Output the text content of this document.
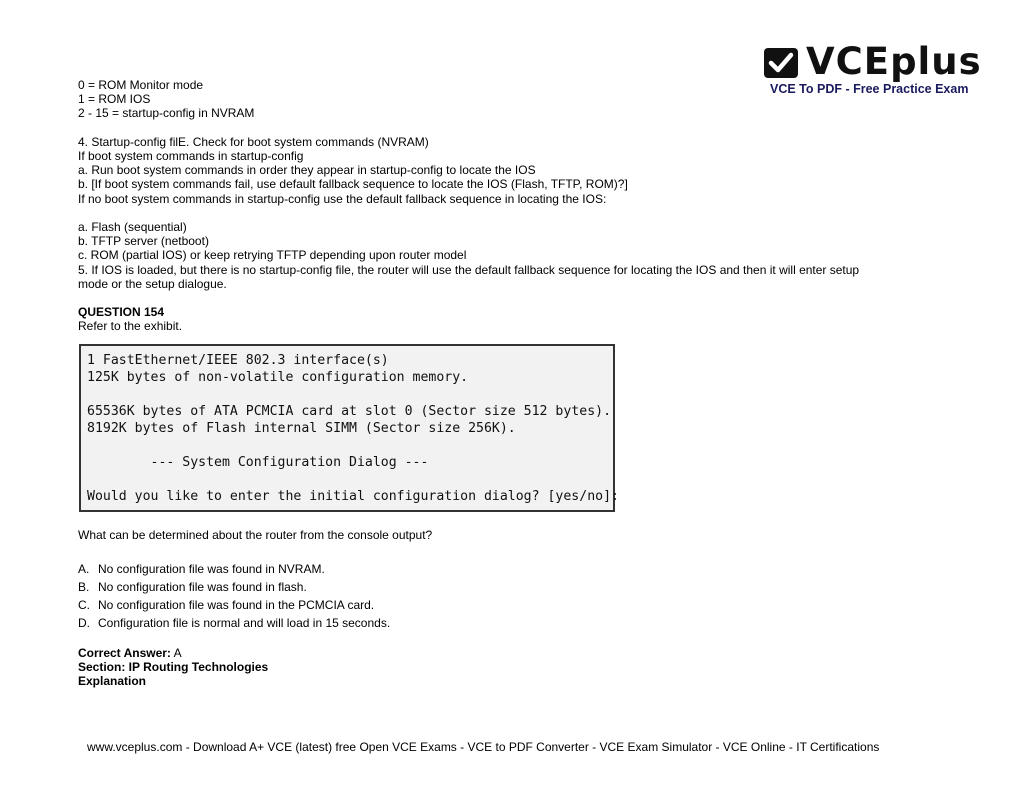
VCEplus
VCE To PDF - Free Practice Exam
0 = ROM Monitor mode
1 = ROM IOS
2 - 15 = startup-config in NVRAM
4. Startup-config filE. Check for boot system commands (NVRAM)
If boot system commands in startup-config
a. Run boot system commands in order they appear in startup-config to locate the IOS
b. [If boot system commands fail, use default fallback sequence to locate the IOS (Flash, TFTP, ROM)?]
If no boot system commands in startup-config use the default fallback sequence in locating the IOS:
a. Flash (sequential)
b. TFTP server (netboot)
c. ROM (partial IOS) or keep retrying TFTP depending upon router model
5. If IOS is loaded, but there is no startup-config file, the router will use the default fallback sequence for locating the IOS and then it will enter setup
mode or the setup dialogue.
QUESTION 154
Refer to the exhibit.
1 FastEthernet/IEEE 802.3 interface(s)
125K bytes of non-volatile configuration memory.
65536K bytes of ATA PCMCIA card at slot 0 (Sector size 512 bytes).
8192K bytes of Flash internal SIMM (Sector size 256K).
--- System Configuration Dialog ---
Would you like to enter the initial configuration dialog? [yes/no]:
What can be determined about the router from the console output?
A. No configuration file was found in NVRAM.
B. No configuration file was found in flash.
C. No configuration file was found in the PCMCIA card.
D. Configuration file is normal and will load in 15 seconds.
Correct Answer: A
Section: IP Routing Technologies
Explanation
www.vceplus.com - Download A+ VCE (latest) free Open VCE Exams - VCE to PDF Converter - VCE Exam Simulator - VCE Online - IT Certifications
